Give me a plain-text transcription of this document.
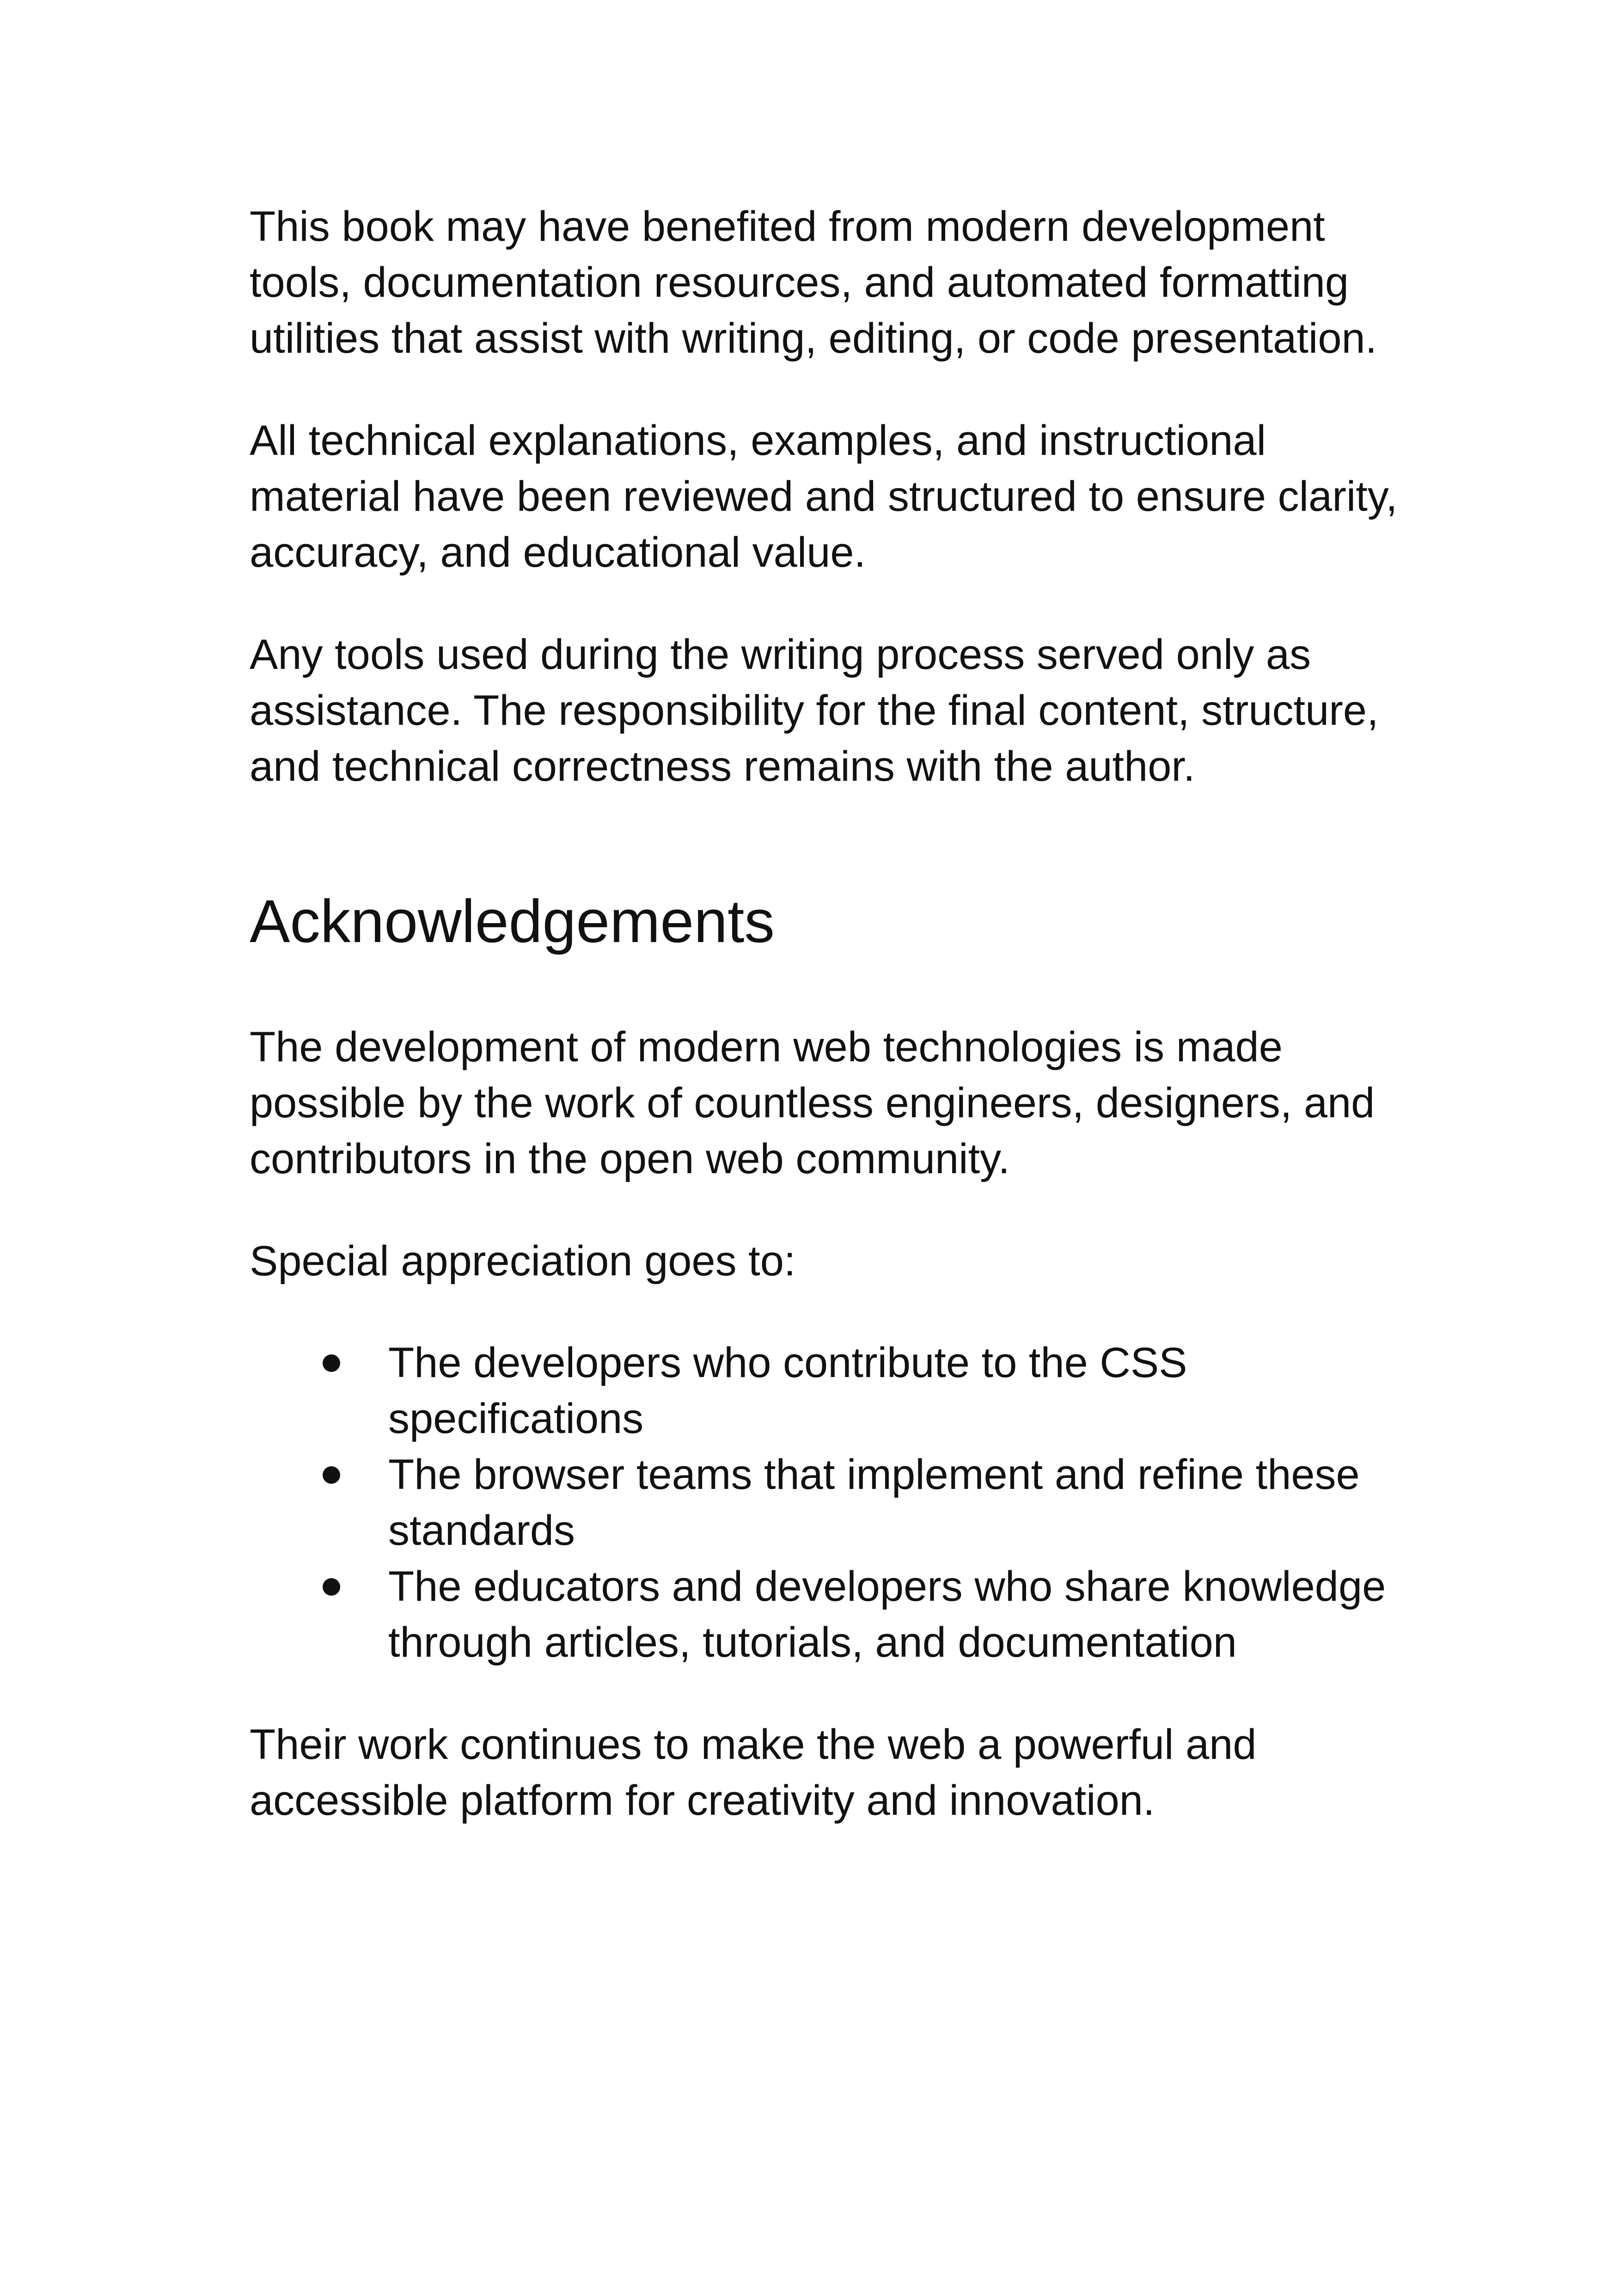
This book may have benefited from modern development
tools, documentation resources, and automated formatting
utilities that assist with writing, editing, or code presentation.

All technical explanations, examples, and instructional
material have been reviewed and structured to ensure clarity,
accuracy, and educational value.

Any tools used during the writing process served only as
assistance. The responsibility for the final content, structure,
and technical correctness remains with the author.

Acknowledgements

The development of modern web technologies is made
possible by the work of countless engineers, designers, and
contributors in the open web community.

Special appreciation goes to:

The developers who contribute to the CSS
specifications
The browser teams that implement and refine these
standards
The educators and developers who share knowledge
through articles, tutorials, and documentation

Their work continues to make the web a powerful and
accessible platform for creativity and innovation.
